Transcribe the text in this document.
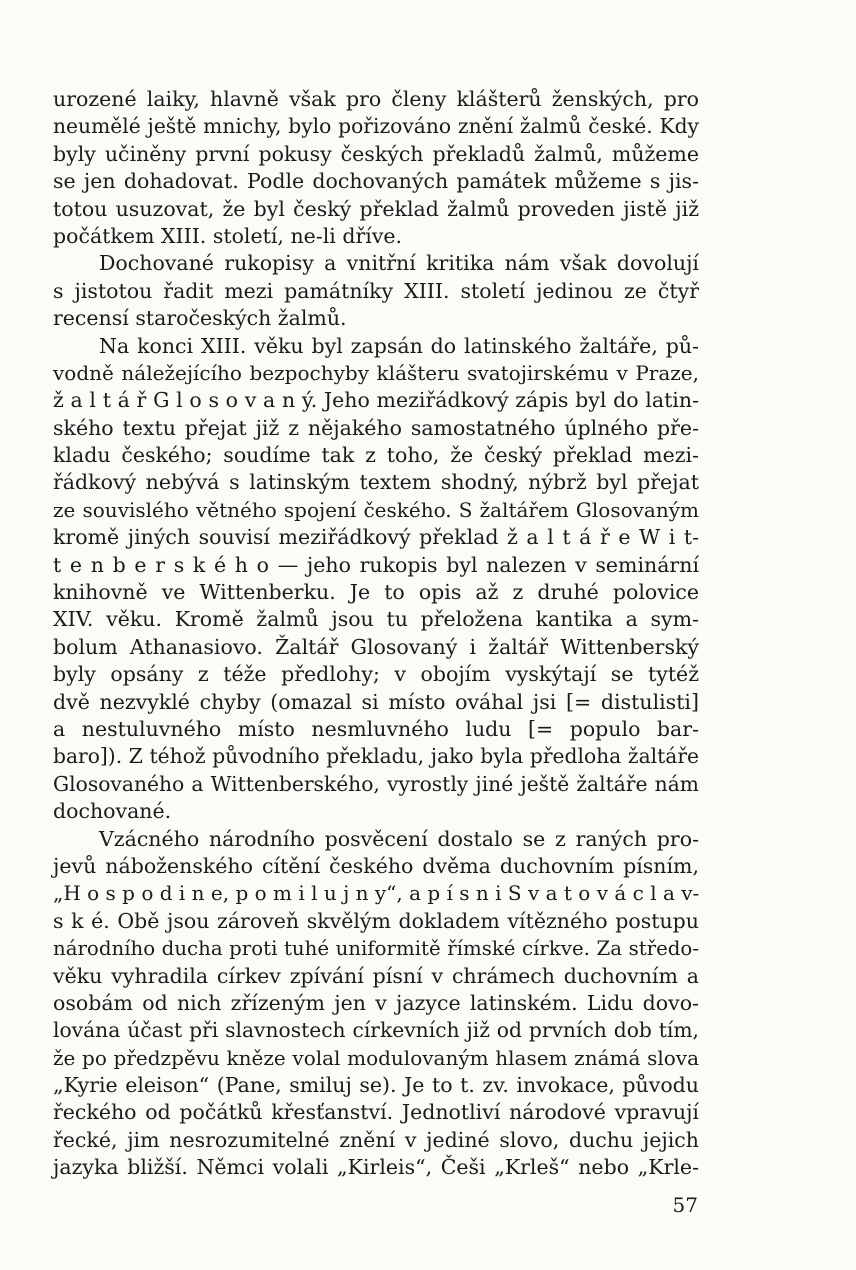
urozené laiky, hlavně však pro členy klášterů ženských, pro
neumělé ještě mnichy, bylo pořizováno znění žalmů české. Kdy
byly učiněny první pokusy českých překladů žalmů, můžeme
se jen dohadovat. Podle dochovaných památek můžeme s jis-
totou usuzovat, že byl český překlad žalmů proveden jistě již
počátkem XIII. století, ne-li dříve.
Dochované rukopisy a vnitřní kritika nám však dovolují
s jistotou řadit mezi památníky XIII. století jedinou ze čtyř
recensí staročeských žalmů.
Na konci XIII. věku byl zapsán do latinského žaltáře, pů-
vodně náležejícího bezpochyby klášteru svatojirskému v Praze,
ž a l t á ř G l o s o v a n ý. Jeho meziřádkový zápis byl do latin-
ského textu přejat již z nějakého samostatného úplného pře-
kladu českého; soudíme tak z toho, že český překlad mezi-
řádkový nebývá s latinským textem shodný, nýbrž byl přejat
ze souvislého větného spojení českého. S žaltářem Glosovaným
kromě jiných souvisí meziřádkový překlad ž a l t á ř e W i t-
t e n b e r s k é h o — jeho rukopis byl nalezen v seminární
knihovně ve Wittenberku. Je to opis až z druhé polovice
XIV. věku. Kromě žalmů jsou tu přeložena kantika a sym-
bolum Athanasiovo. Žaltář Glosovaný i žaltář Wittenberský
byly opsány z téže předlohy; v obojím vyskýtají se tytéž
dvě nezvyklé chyby (omazal si místo ováhal jsi [= distulisti]
a nestuluvného místo nesmluvného ludu [= populo bar-
baro]). Z téhož původního překladu, jako byla předloha žaltáře
Glosovaného a Wittenberského, vyrostly jiné ještě žaltáře nám
dochované.
Vzácného národního posvěcení dostalo se z raných pro-
jevů náboženského cítění českého dvěma duchovním písním,
„H o s p o d i n e, p o m i l u j n y“, a p í s n i S v a t o v á c l a v-
s k é. Obě jsou zároveň skvělým dokladem vítězného postupu
národního ducha proti tuhé uniformitě římské církve. Za středo-
věku vyhradila církev zpívání písní v chrámech duchovním a
osobám od nich zřízeným jen v jazyce latinském. Lidu dovo-
lována účast při slavnostech církevních již od prvních dob tím,
že po předzpěvu kněze volal modulovaným hlasem známá slova
„Kyrie eleison“ (Pane, smiluj se). Je to t. zv. invokace, původu
řeckého od počátků křesťanství. Jednotliví národové vpravují
řecké, jim nesrozumitelné znění v jediné slovo, duchu jejich
jazyka bližší. Němci volali „Kirleis“, Češi „Krleš“ nebo „Krle-
57
